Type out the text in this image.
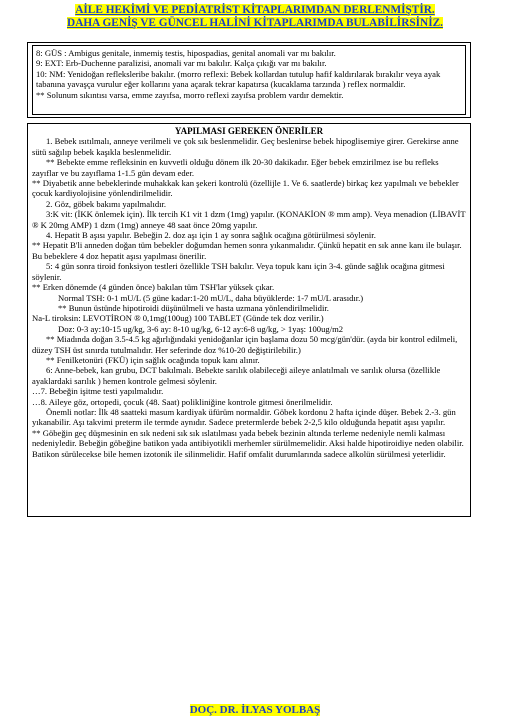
AİLE HEKİMİ VE PEDİATRİST KİTAPLARIMDAN DERLENMİŞTİR.
DAHA GENİŞ VE GÜNCEL HALİNİ KİTAPLARIMDA BULABİLİRSİNİZ.

8: GÜS : Ambigus genitale, inmemiş testis, hipospadias, genital anomali var mı bakılır.

9: EXT: Erb-Duchenne paralizisi, anomali var mı bakılır. Kalça çıkığı var mı bakılır.

10: NM: Yenidoğan refleksleribe bakılır. (morro reflexi: Bebek kollardan tutulup hafif kaldırılarak bırakılır veya ayak tabanına yavaşça vurulur eğer kollarını yana açarak tekrar kapatırsa (kucaklama tarzında ) reflex normaldir.

** Solunum sıkıntısı varsa, emme zayıfsa, morro reflexi zayıfsa problem vardır demektir.

YAPILMASI GEREKEN ÖNERİLER

1. Bebek ısıtılmalı, anneye verilmeli ve çok sık beslenmelidir. Geç beslenirse bebek hipoglisemiye girer. Gerekirse anne sütü sağılıp bebek kaşıkla beslenmelidir.

** Bebekte emme refleksinin en kuvvetli olduğu dönem ilk 20-30 dakikadır. Eğer bebek emzirilmez ise bu refleks zayıflar ve bu zayıflama 1-1.5 gün devam eder.

** Diyabetik anne bebeklerinde muhakkak kan şekeri kontrolü (özellijle 1. Ve 6. saatlerde) birkaç kez yapılmalı ve bebekler çocuk kardiyolojisine yönlendirilmelidir.

2. Göz, göbek bakımı yapılmalıdır.

3:K vit: (İKK önlemek için). İlk tercih K1 vit 1 dzm (1mg) yapılır. (KONAKİON ® mm amp). Veya menadion (LİBAVİT ® K 20mg AMP) 1 dzm (1mg) anneye 48 saat önce 20mg yapılır.

4. Hepatit B aşısı yapılır. Bebeğin 2. doz aşı için 1 ay sonra sağlık ocağına götürülmesi söylenir.

** Hepatit B'li anneden doğan tüm bebekler doğumdan hemen sonra yıkanmalıdır. Çünkü hepatit en sık anne kanı ile bulaşır. Bu bebeklere 4 doz hepatit aşısı yapılması önerilir.

5: 4 gün sonra tiroid fonksiyon testleri özellikle TSH bakılır. Veya topuk kanı için 3-4. günde sağlık ocağına gitmesi söylenir.

** Erken dönemde (4 günden önce) bakılan tüm TSH'lar yüksek çıkar.

Normal TSH: 0-1 mU/L (5 güne kadar:1-20 mU/L, daha büyüklerde: 1-7 mU/L arasıdır.)

** Bunun üstünde hipotiroidi düşünülmeli ve hasta uzmana yönlendirilmelidir.

Na-L tiroksin: LEVOTİRON ® 0,1mg(100ug) 100 TABLET (Günde tek doz verilir.)

Doz: 0-3 ay:10-15 ug/kg, 3-6 ay: 8-10 ug/kg, 6-12 ay:6-8 ug/kg, > 1yaş: 100ug/m2

** Miadında doğan 3.5-4.5 kg ağırlığındaki yenidoğanlar için başlama dozu 50 mcg/gün'dür. (ayda bir kontrol edilmeli, düzey TSH üst sınırda tutulmalıdır. Her seferinde doz %10-20 değiştirilebilir.)

** Fenilketonüri (FKÜ) için sağlık ocağında topuk kanı alınır.

6: Anne-bebek, kan grubu, DCT bakılmalı. Bebekte sarılık olabileceği aileye anlatılmalı ve sarılık olursa (özellikle ayaklardaki sarılık ) hemen kontrole gelmesi söylenir.

…7. Bebeğin işitme testi yapılmalıdır.

…8. Aileye göz, ortopedi, çocuk (48. Saat) polikliniğine kontrole gitmesi önerilmelidir.

Önemli notlar: İlk 48 saatteki masum kardiyak üfürüm normaldir. Göbek kordonu 2 hafta içinde düşer. Bebek 2.-3. gün yıkanabilir. Aşı takvimi preterm ile termde aynıdır. Sadece pretermlerde bebek 2-2,5 kilo olduğunda hepatit aşısı yapılır.

** Göbeğin geç düşmesinin en sık nedeni sık sık ıslatılması yada bebek bezinin altında terleme nedeniyle nemli kalması nedeniyledir. Bebeğin göbeğine batikon yada antibiyotikli merhemler sürülmemelidir. Aksi halde hipotiroidiye neden olabilir. Batikon sürülecekse bile hemen izotonik ile silinmelidir. Hafif omfalit durumlarında sadece alkolün sürülmesi yeterlidir.

DOÇ. DR. İLYAS YOLBAŞ
